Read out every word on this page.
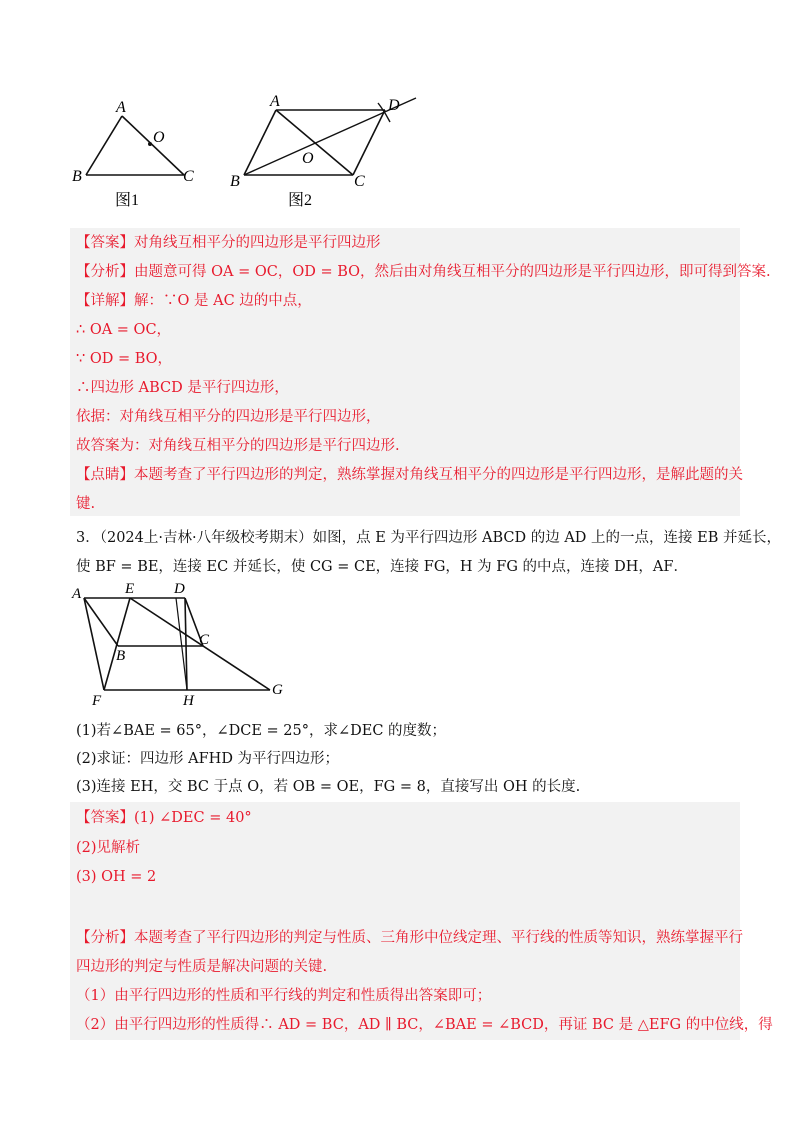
A
O
B	C
图1
A	D
O
B	C
图2
【答案】对角线互相平分的四边形是平行四边形
【分析】由题意可得 OA = OC，OD = BO，然后由对角线互相平分的四边形是平行四边形，即可得到答案.
【详解】解：∵O 是 AC 边的中点，
∴ OA = OC，
∵ OD = BO，
∴四边形 ABCD 是平行四边形，
依据：对角线互相平分的四边形是平行四边形，
故答案为：对角线互相平分的四边形是平行四边形.
【点睛】本题考查了平行四边形的判定，熟练掌握对角线互相平分的四边形是平行四边形，是解此题的关
键.
3．（2024上·吉林·八年级校考期末）如图，点 E 为平行四边形 ABCD 的边 AD 上的一点，连接 EB 并延长，
使 BF = BE，连接 EC 并延长，使 CG = CE，连接 FG，H 为 FG 的中点，连接 DH，AF．
A	E	D
C
B
F	H
G
(1)若∠BAE = 65°，∠DCE = 25°，求∠DEC 的度数；
(2)求证：四边形 AFHD 为平行四边形；
(3)连接 EH，交 BC 于点 O，若 OB = OE，FG = 8，直接写出 OH 的长度.
【答案】(1) ∠DEC = 40°
(2)见解析
(3) OH = 2
【分析】本题考查了平行四边形的判定与性质、三角形中位线定理、平行线的性质等知识，熟练掌握平行
四边形的判定与性质是解决问题的关键.
（1）由平行四边形的性质和平行线的判定和性质得出答案即可；
（2）由平行四边形的性质得∴ AD = BC，AD ∥ BC，∠BAE = ∠BCD，再证 BC 是 △EFG 的中位线，得
